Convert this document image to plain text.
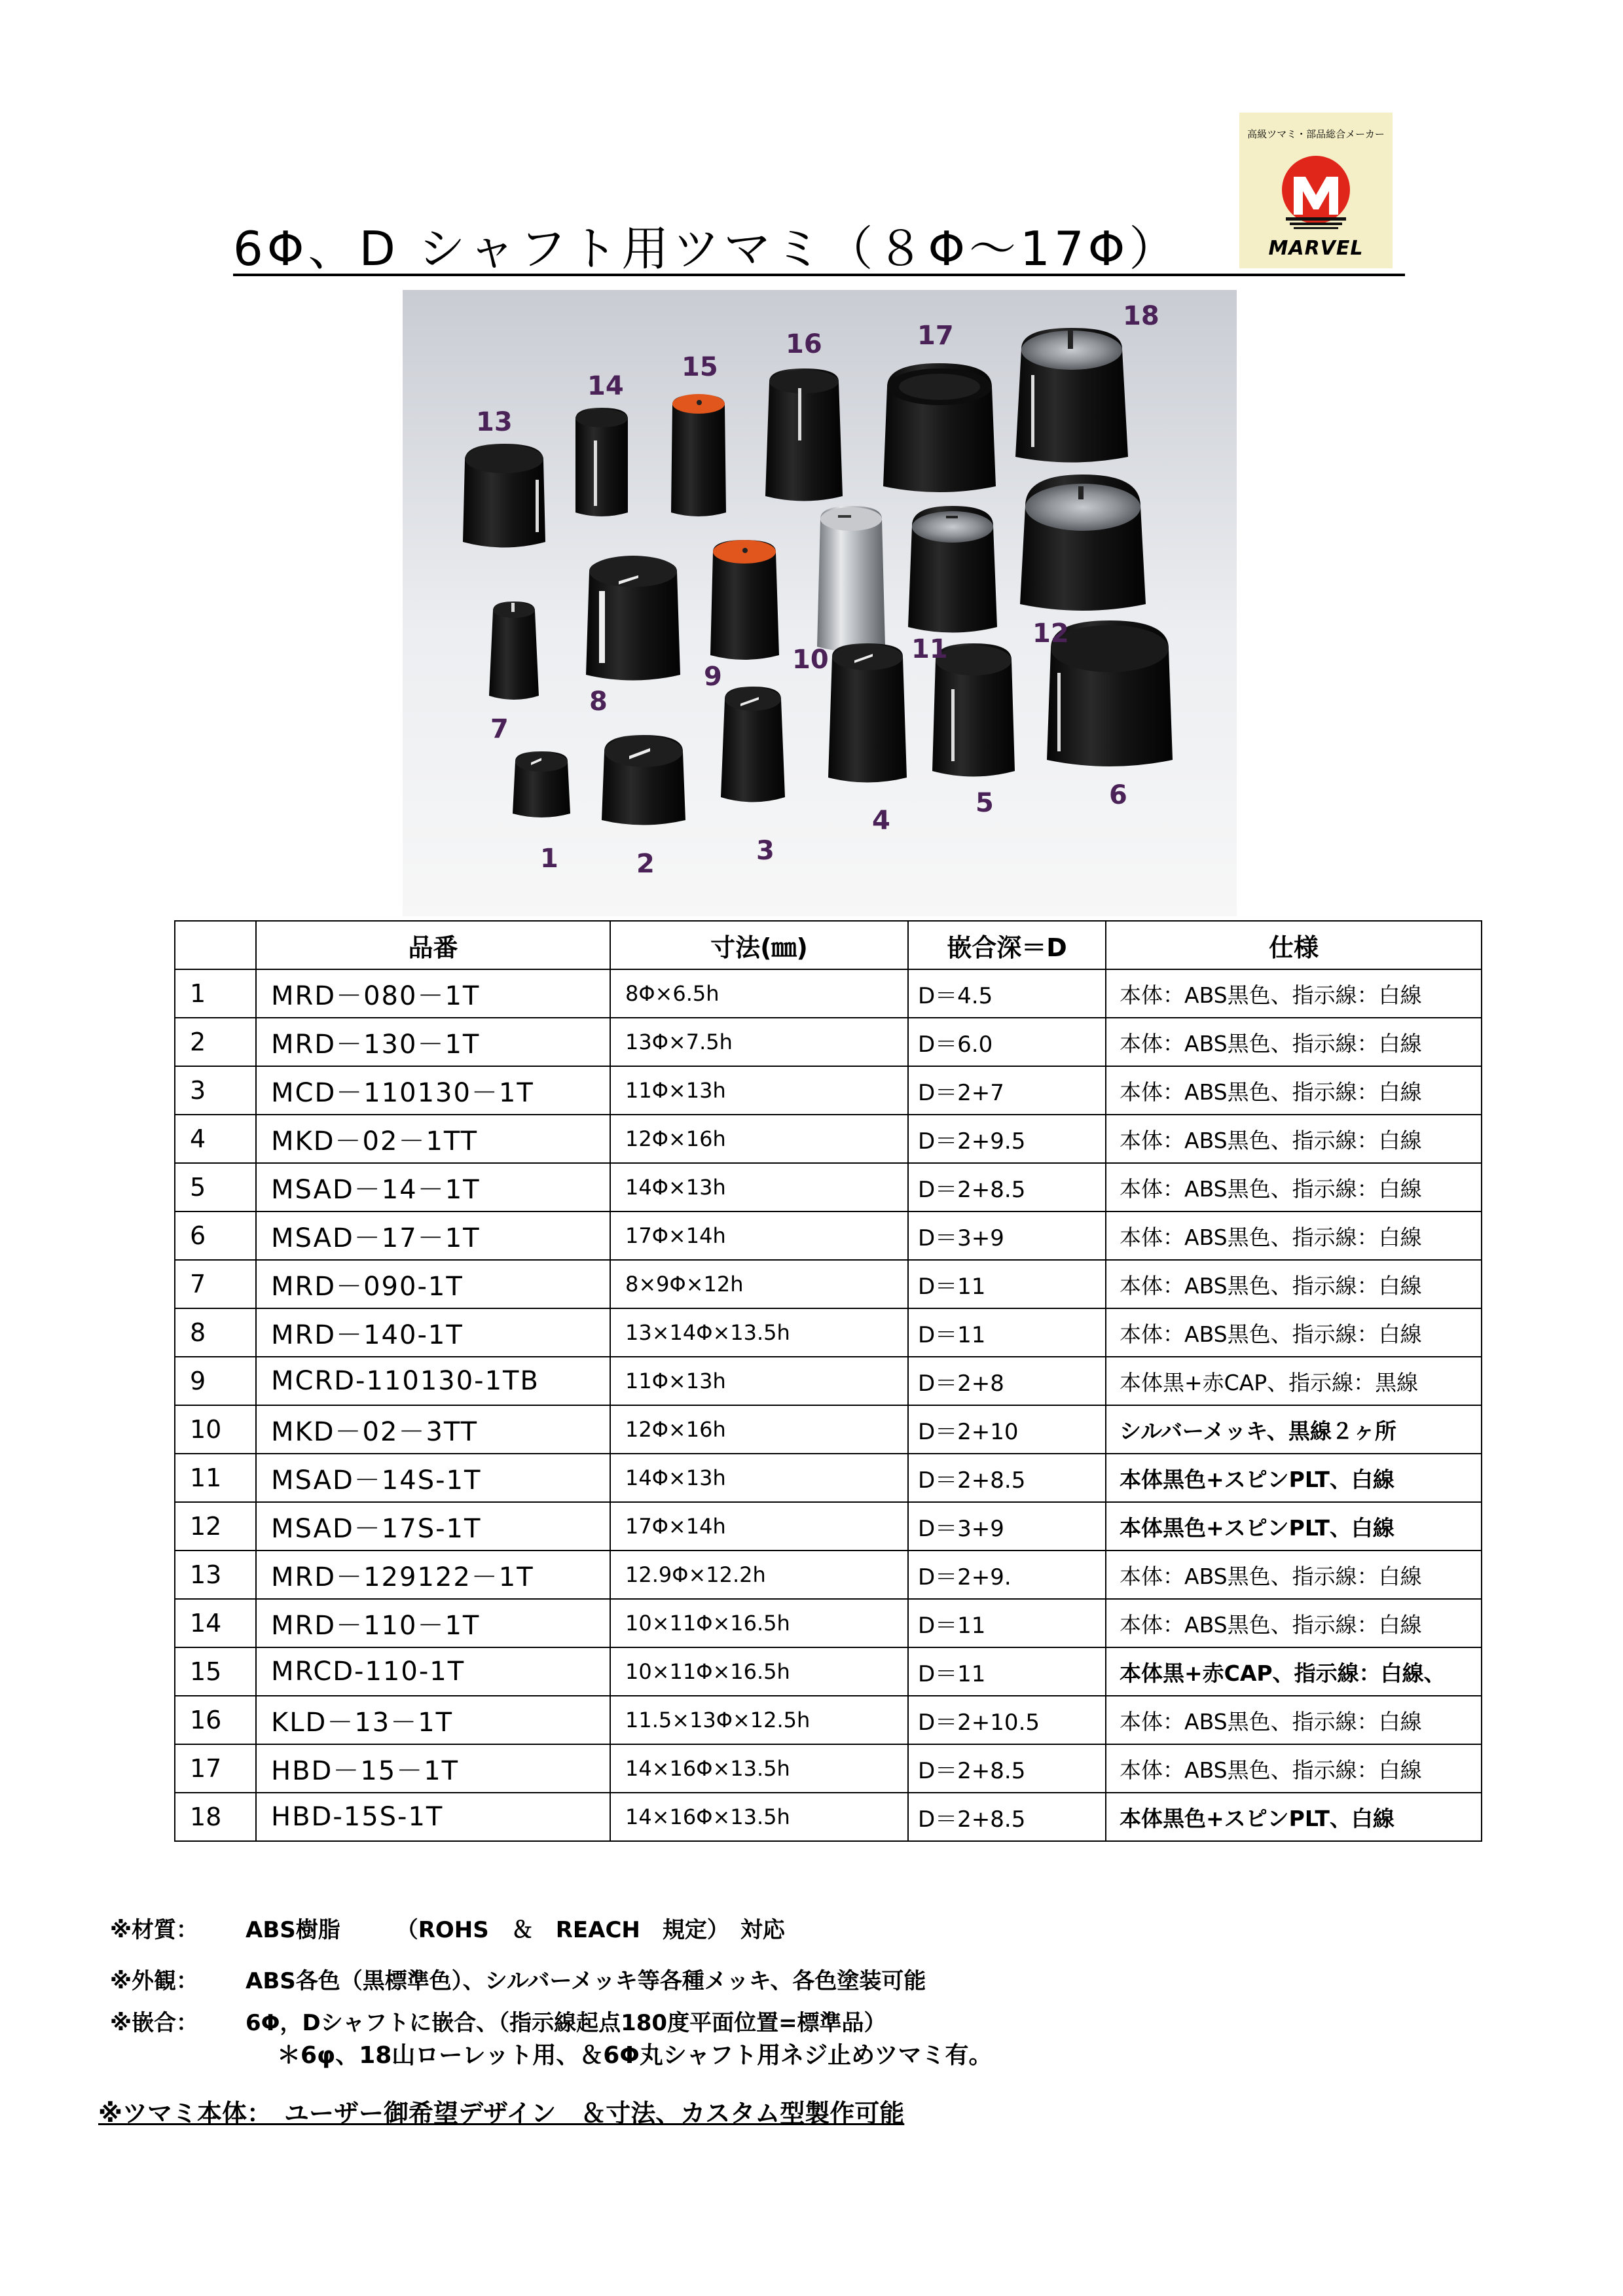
6Φ、D シャフト用ツマミ（８Φ～17Φ）
高級ツマミ・部品総合メーカー
MARVEL
1	2	3
4
5	6
7
8
9
10	11
12
13
14
15
16	17
18
	品番	寸法(㎜)	嵌合深＝D	仕様
1	MRD－080－1T	8Φ×6.5h	D＝4.5	本体：ABS黒色、指示線：白線
2	MRD－130－1T	13Φ×7.5h	D＝6.0	本体：ABS黒色、指示線：白線
3	MCD－110130－1T	11Φ×13h	D＝2+7	本体：ABS黒色、指示線：白線
4	MKD－02－1TT	12Φ×16h	D＝2+9.5	本体：ABS黒色、指示線：白線
5	MSAD－14－1T	14Φ×13h	D＝2+8.5	本体：ABS黒色、指示線：白線
6	MSAD－17－1T	17Φ×14h	D＝3+9	本体：ABS黒色、指示線：白線
7	MRD－090-1T	8×9Φ×12h	D＝11	本体：ABS黒色、指示線：白線
8	MRD－140-1T	13×14Φ×13.5h	D＝11	本体：ABS黒色、指示線：白線
9	MCRD-110130-1TB	11Φ×13h	D＝2+8	本体黒+赤CAP、指示線：黒線
10	MKD－02－3TT	12Φ×16h	D＝2+10	シルバーメッキ、黒線２ヶ所
11	MSAD－14S-1T	14Φ×13h	D＝2+8.5	本体黒色+スピンPLT、白線
12	MSAD－17S-1T	17Φ×14h	D＝3+9	本体黒色+スピンPLT、白線
13	MRD－129122－1T	12.9Φ×12.2h	D＝2+9.	本体：ABS黒色、指示線：白線
14	MRD－110－1T	10×11Φ×16.5h	D＝11	本体：ABS黒色、指示線：白線
15	MRCD-110-1T	10×11Φ×16.5h	D＝11	本体黒+赤CAP、指示線：白線、
16	KLD－13－1T	11.5×13Φ×12.5h	D＝2+10.5	本体：ABS黒色、指示線：白線
17	HBD－15－1T	14×16Φ×13.5h	D＝2+8.5	本体：ABS黒色、指示線：白線
18	HBD-15S-1T	14×16Φ×13.5h	D＝2+8.5	本体黒色+スピンPLT、白線
※材質： ABS樹脂　　　（ROHS　＆　REACH　規定）　対応
※外観： ABS各色（黒標準色）、シルバーメッキ等各種メッキ、各色塗装可能
※嵌合： 6Φ，Dシャフトに嵌合、（指示線起点180度平面位置=標準品）
＊6φ、18山ローレット用、＆6Φ丸シャフト用ネジ止めツマミ有。
※ツマミ本体：　ユーザー御希望デザイン　＆寸法、カスタム型製作可能
